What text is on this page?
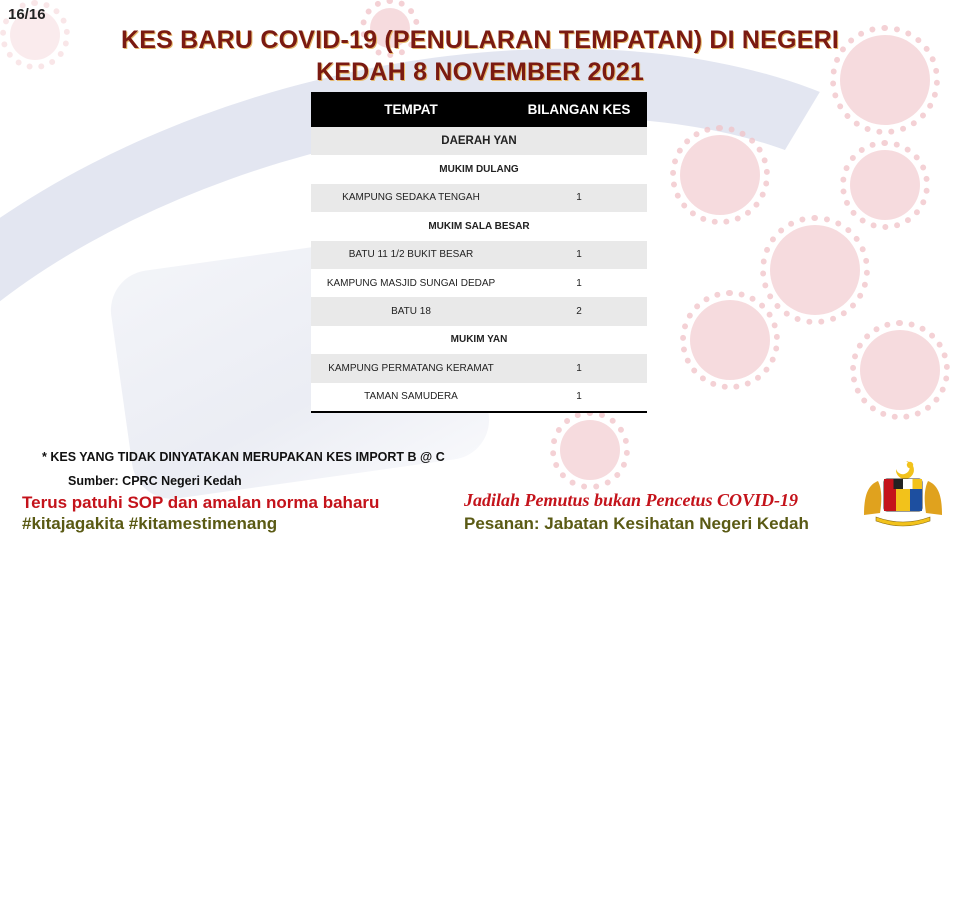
16/16
KES BARU COVID-19 (PENULARAN TEMPATAN) DI NEGERI
KEDAH 8 NOVEMBER 2021
TEMPAT	BILANGAN KES
DAERAH YAN	
MUKIM DULANG	
KAMPUNG SEDAKA TENGAH	1
MUKIM SALA BESAR	
BATU 11 1/2 BUKIT BESAR	1
KAMPUNG MASJID SUNGAI DEDAP	1
BATU 18	2
MUKIM YAN	
KAMPUNG PERMATANG KERAMAT	1
TAMAN SAMUDERA	1
* KES YANG TIDAK DINYATAKAN MERUPAKAN KES IMPORT B @ C
Sumber: CPRC Negeri Kedah
Terus patuhi SOP dan amalan norma baharu
#kitajagakita #kitamestimenang
Jadilah Pemutus bukan Pencetus COVID-19
Pesanan: Jabatan Kesihatan Negeri Kedah
